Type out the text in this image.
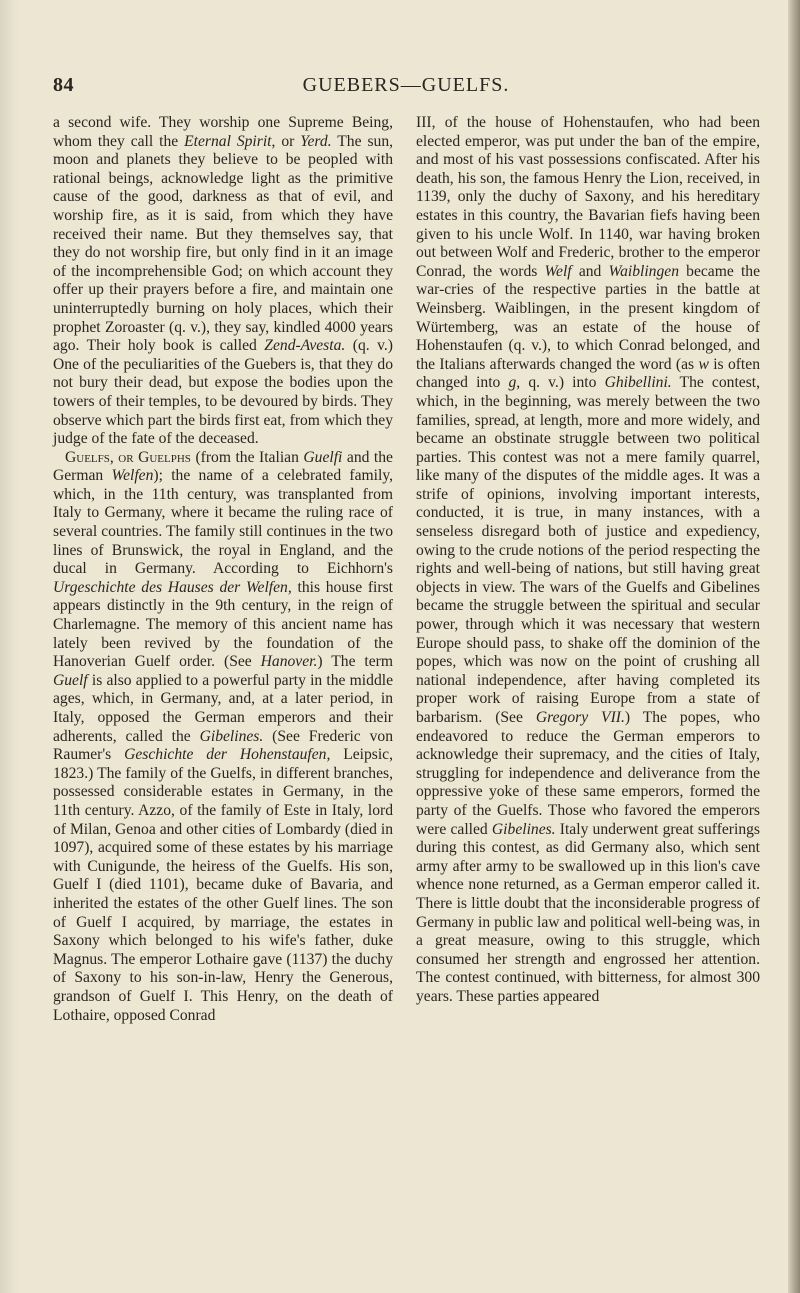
84	GUEBERS—GUELFS.

a second wife. They worship one Supreme Being, whom they call the Eternal Spirit, or Yerd. The sun, moon and planets they believe to be peopled with rational beings, acknowledge light as the primitive cause of the good, darkness as that of evil, and worship fire, as it is said, from which they have received their name. But they themselves say, that they do not worship fire, but only find in it an image of the incomprehensible God; on which account they offer up their prayers before a fire, and maintain one uninterruptedly burning on holy places, which their prophet Zoroaster (q. v.), they say, kindled 4000 years ago. Their holy book is called Zend-Avesta. (q. v.) One of the peculiarities of the Guebers is, that they do not bury their dead, but expose the bodies upon the towers of their temples, to be devoured by birds. They observe which part the birds first eat, from which they judge of the fate of the deceased.

Guelfs, or Guelphs (from the Italian Guelfi and the German Welfen); the name of a celebrated family, which, in the 11th century, was transplanted from Italy to Germany, where it became the ruling race of several countries. The family still continues in the two lines of Brunswick, the royal in England, and the ducal in Germany. According to Eichhorn's Urgeschichte des Hauses der Welfen, this house first appears distinctly in the 9th century, in the reign of Charlemagne. The memory of this ancient name has lately been revived by the foundation of the Hanoverian Guelf order. (See Hanover.) The term Guelf is also applied to a powerful party in the middle ages, which, in Germany, and, at a later period, in Italy, opposed the German emperors and their adherents, called the Gibelines. (See Frederic von Raumer's Geschichte der Hohenstaufen, Leipsic, 1823.) The family of the Guelfs, in different branches, possessed considerable estates in Germany, in the 11th century. Azzo, of the family of Este in Italy, lord of Milan, Genoa and other cities of Lombardy (died in 1097), acquired some of these estates by his marriage with Cunigunde, the heiress of the Guelfs. His son, Guelf I (died 1101), became duke of Bavaria, and inherited the estates of the other Guelf lines. The son of Guelf I acquired, by marriage, the estates in Saxony which belonged to his wife's father, duke Magnus. The emperor Lothaire gave (1137) the duchy of Saxony to his son-in-law, Henry the Generous, grandson of Guelf I. This Henry, on the death of Lothaire, opposed Conrad

III, of the house of Hohenstaufen, who had been elected emperor, was put under the ban of the empire, and most of his vast possessions confiscated. After his death, his son, the famous Henry the Lion, received, in 1139, only the duchy of Saxony, and his hereditary estates in this country, the Bavarian fiefs having been given to his uncle Wolf. In 1140, war having broken out between Wolf and Frederic, brother to the emperor Conrad, the words Welf and Waiblingen became the war-cries of the respective parties in the battle at Weinsberg. Waiblingen, in the present kingdom of Würtemberg, was an estate of the house of Hohenstaufen (q. v.), to which Conrad belonged, and the Italians afterwards changed the word (as w is often changed into g, q. v.) into Ghibellini. The contest, which, in the beginning, was merely between the two families, spread, at length, more and more widely, and became an obstinate struggle between two political parties. This contest was not a mere family quarrel, like many of the disputes of the middle ages. It was a strife of opinions, involving important interests, conducted, it is true, in many instances, with a senseless disregard both of justice and expediency, owing to the crude notions of the period respecting the rights and well-being of nations, but still having great objects in view. The wars of the Guelfs and Gibelines became the struggle between the spiritual and secular power, through which it was necessary that western Europe should pass, to shake off the dominion of the popes, which was now on the point of crushing all national independence, after having completed its proper work of raising Europe from a state of barbarism. (See Gregory VII.) The popes, who endeavored to reduce the German emperors to acknowledge their supremacy, and the cities of Italy, struggling for independence and deliverance from the oppressive yoke of these same emperors, formed the party of the Guelfs. Those who favored the emperors were called Gibelines. Italy underwent great sufferings during this contest, as did Germany also, which sent army after army to be swallowed up in this lion's cave whence none returned, as a German emperor called it. There is little doubt that the inconsiderable progress of Germany in public law and political well-being was, in a great measure, owing to this struggle, which consumed her strength and engrossed her attention. The contest continued, with bitterness, for almost 300 years. These parties appeared
